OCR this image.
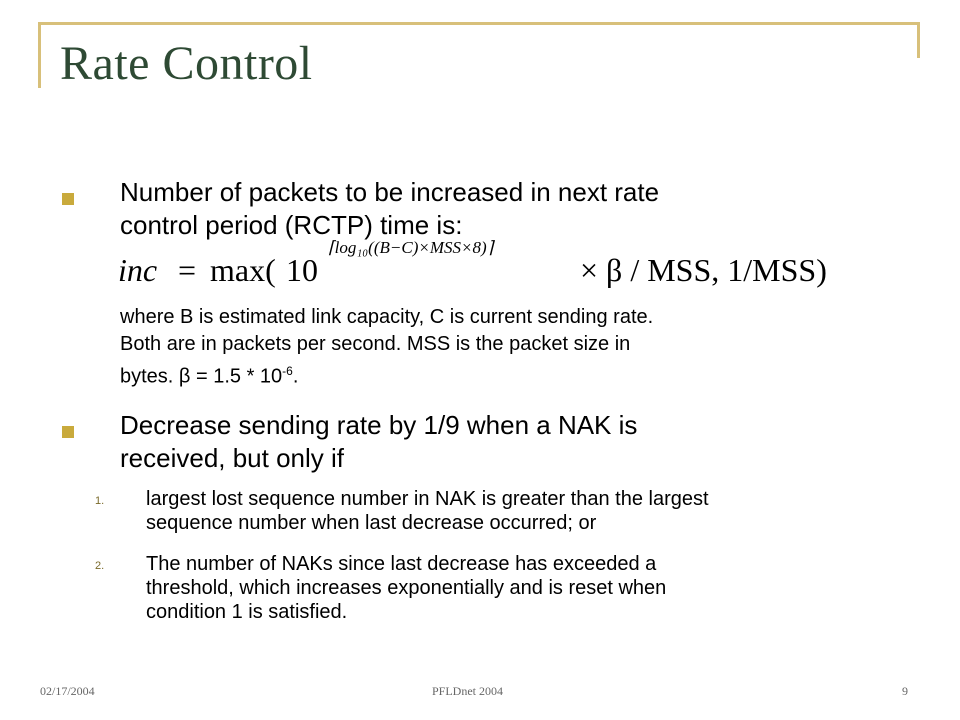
Rate Control
Number of packets to be increased in next rate
control period (RCTP) time is:
inc = max( 10
⌈log₁₀((B−C)×MSS×8)⌉
× β / MSS, 1/MSS)
where B is estimated link capacity, C is current sending rate.
Both are in packets per second. MSS is the packet size in
bytes. $\beta = 1.5 * 10^{-6}$.
Decrease sending rate by 1/9 when a NAK is
received, but only if
1. largest lost sequence number in NAK is greater than the largest
sequence number when last decrease occurred; or
2. The number of NAKs since last decrease has exceeded a
threshold, which increases exponentially and is reset when
condition 1 is satisfied.
02/17/2004	PFLDnet 2004	9
